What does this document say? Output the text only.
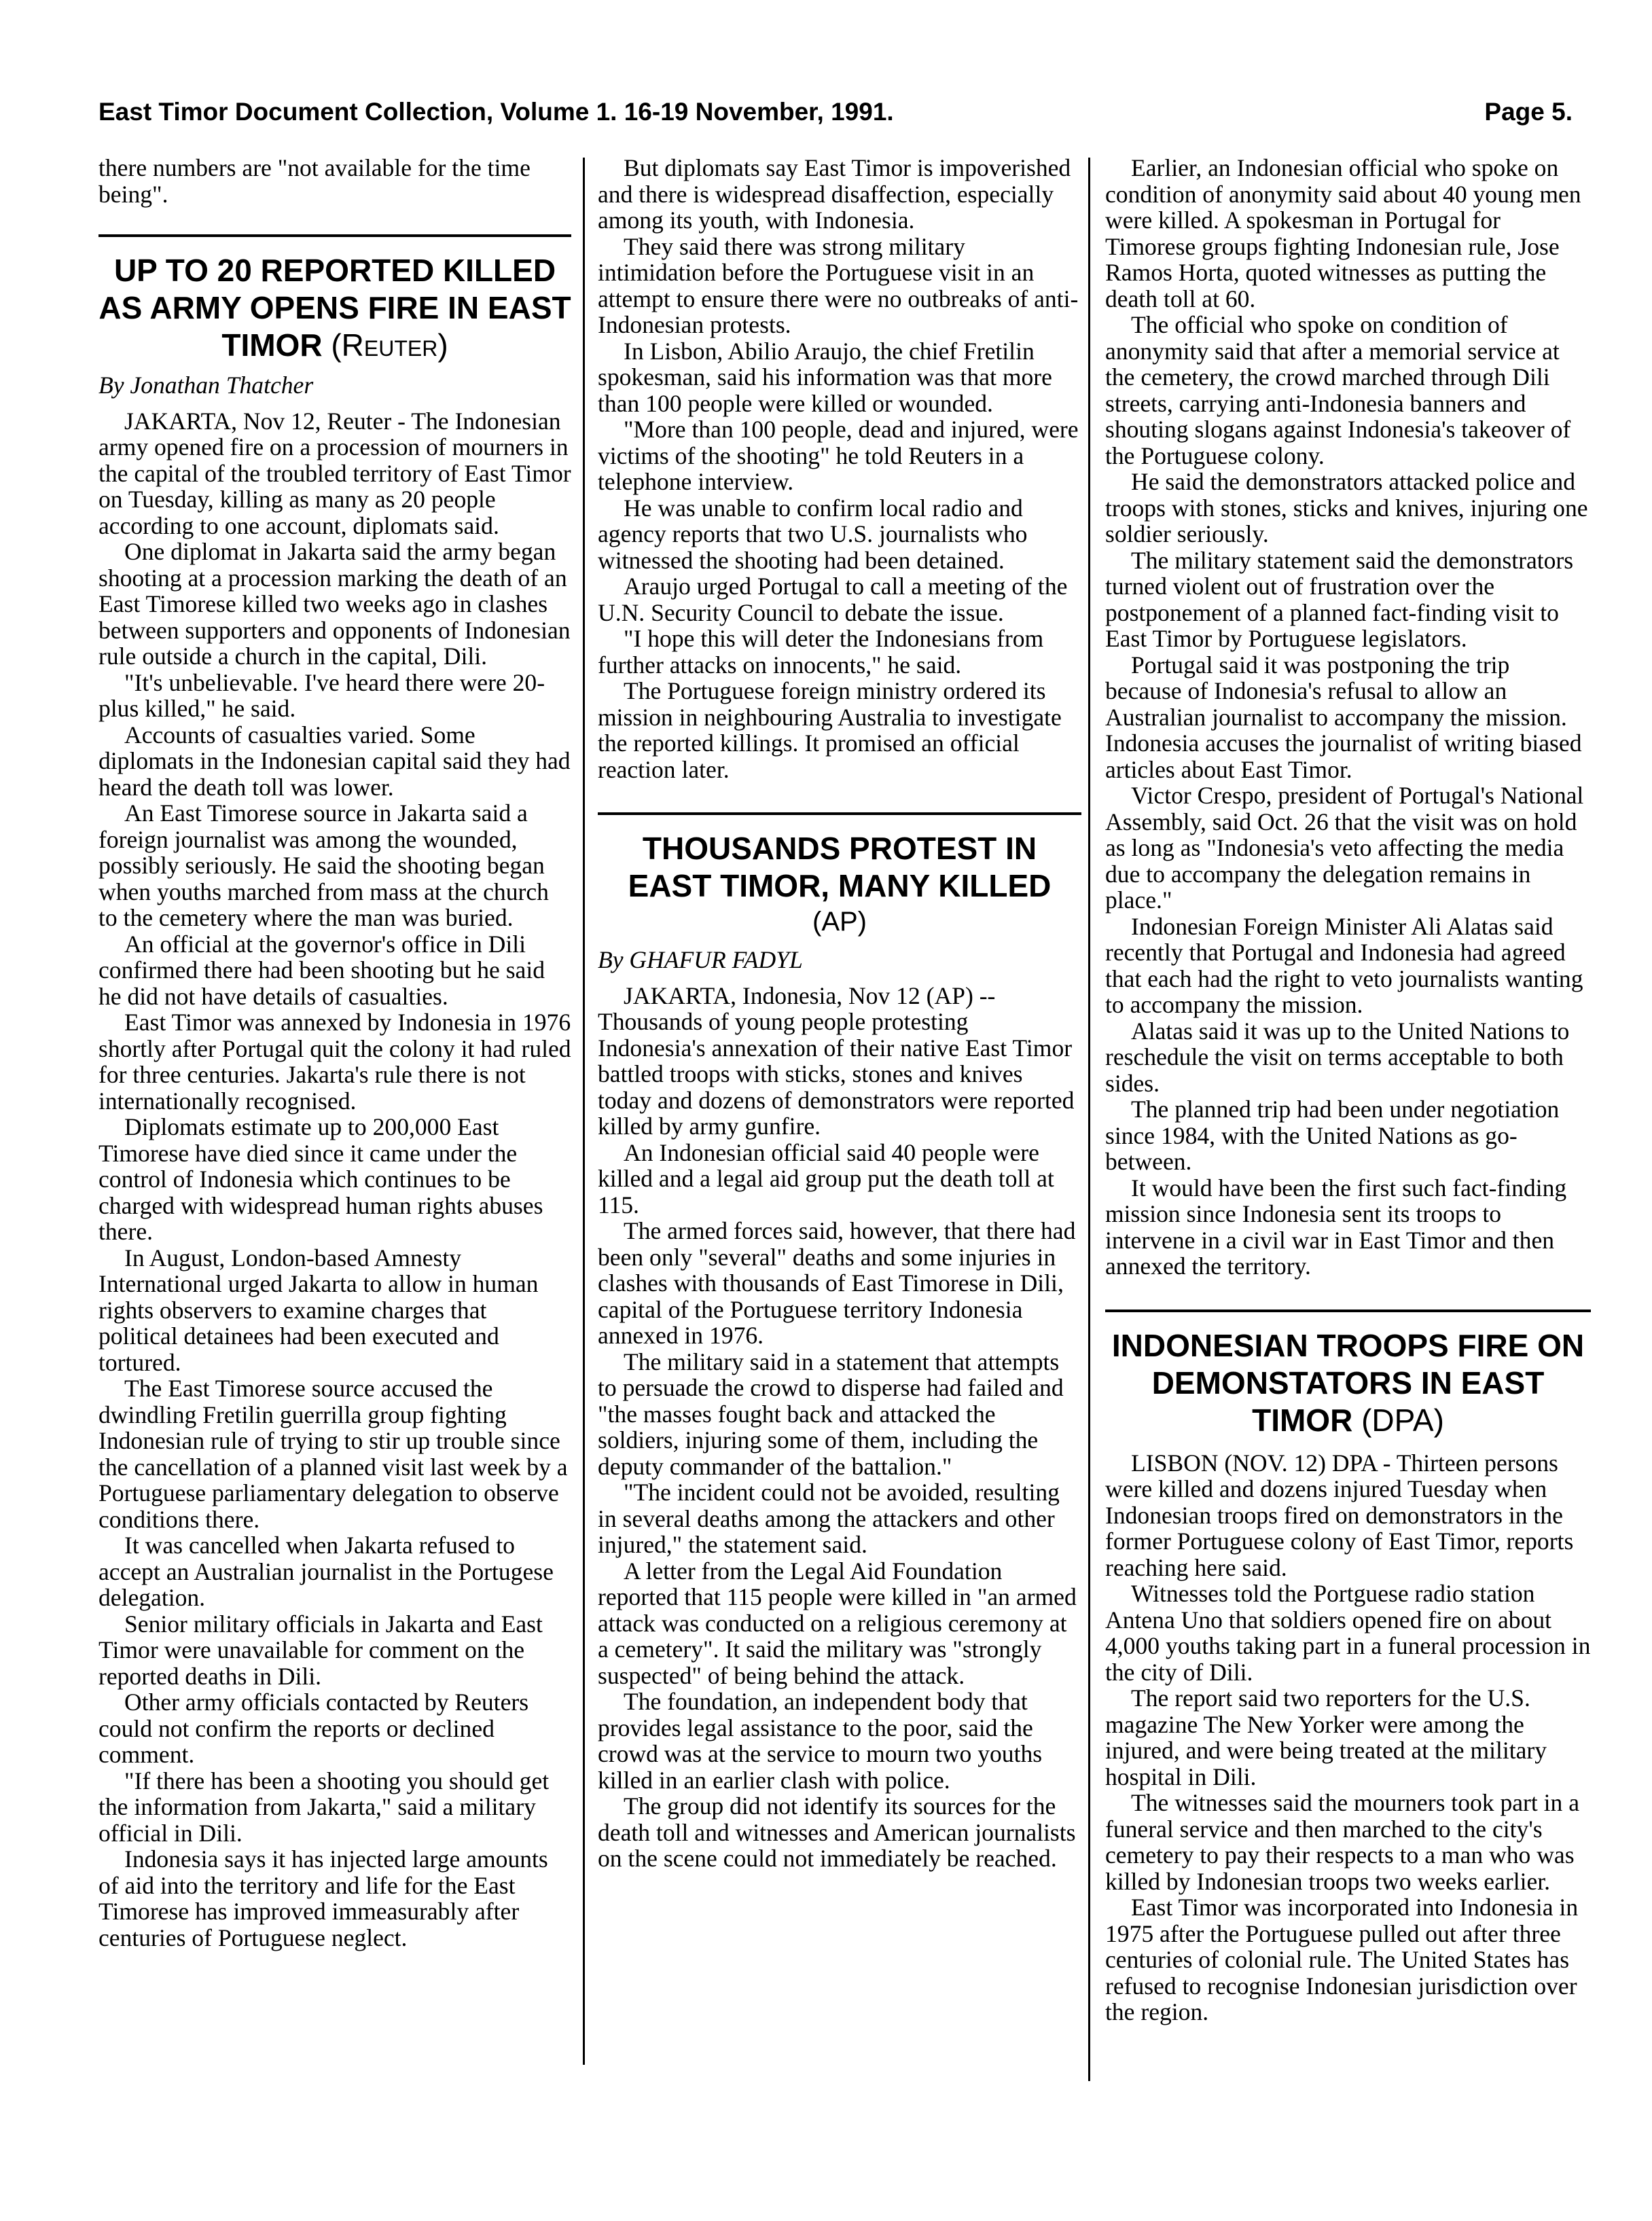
East Timor Document Collection, Volume 1. 16-19 November, 1991.	Page 5.

there numbers are "not available for the time being".

UP TO 20 REPORTED KILLED AS ARMY OPENS FIRE IN EAST TIMOR (Reuter)

By Jonathan Thatcher

JAKARTA, Nov 12, Reuter - The Indonesian army opened fire on a procession of mourners in the capital of the troubled territory of East Timor on Tuesday, killing as many as 20 people according to one account, diplomats said.

One diplomat in Jakarta said the army began shooting at a procession marking the death of an East Timorese killed two weeks ago in clashes between supporters and opponents of Indonesian rule outside a church in the capital, Dili.

"It's unbelievable. I've heard there were 20-plus killed," he said.

Accounts of casualties varied. Some diplomats in the Indonesian capital said they had heard the death toll was lower.

An East Timorese source in Jakarta said a foreign journalist was among the wounded, possibly seriously. He said the shooting began when youths marched from mass at the church to the cemetery where the man was buried.

An official at the governor's office in Dili confirmed there had been shooting but he said he did not have details of casualties.

East Timor was annexed by Indonesia in 1976 shortly after Portugal quit the colony it had ruled for three centuries. Jakarta's rule there is not internationally recognised.

Diplomats estimate up to 200,000 East Timorese have died since it came under the control of Indonesia which continues to be charged with widespread human rights abuses there.

In August, London-based Amnesty International urged Jakarta to allow in human rights observers to examine charges that political detainees had been executed and tortured.

The East Timorese source accused the dwindling Fretilin guerrilla group fighting Indonesian rule of trying to stir up trouble since the cancellation of a planned visit last week by a Portuguese parliamentary delegation to observe conditions there.

It was cancelled when Jakarta refused to accept an Australian journalist in the Portugese delegation.

Senior military officials in Jakarta and East Timor were unavailable for comment on the reported deaths in Dili.

Other army officials contacted by Reuters could not confirm the reports or declined comment.

"If there has been a shooting you should get the information from Jakarta," said a military official in Dili.

Indonesia says it has injected large amounts of aid into the territory and life for the East Timorese has improved immeasurably after centuries of Portuguese neglect.

But diplomats say East Timor is impoverished and there is widespread disaffection, especially among its youth, with Indonesia.

They said there was strong military intimidation before the Portuguese visit in an attempt to ensure there were no outbreaks of anti-Indonesian protests.

In Lisbon, Abilio Araujo, the chief Fretilin spokesman, said his information was that more than 100 people were killed or wounded.

"More than 100 people, dead and injured, were victims of the shooting" he told Reuters in a telephone interview.

He was unable to confirm local radio and agency reports that two U.S. journalists who witnessed the shooting had been detained.

Araujo urged Portugal to call a meeting of the U.N. Security Council to debate the issue.

"I hope this will deter the Indonesians from further attacks on innocents," he said.

The Portuguese foreign ministry ordered its mission in neighbouring Australia to investigate the reported killings. It promised an official reaction later.

THOUSANDS PROTEST IN EAST TIMOR, MANY KILLED
(AP)

By GHAFUR FADYL

JAKARTA, Indonesia, Nov 12 (AP) -- Thousands of young people protesting Indonesia's annexation of their native East Timor battled troops with sticks, stones and knives today and dozens of demonstrators were reported killed by army gunfire.

An Indonesian official said 40 people were killed and a legal aid group put the death toll at 115.

The armed forces said, however, that there had been only "several" deaths and some injuries in clashes with thousands of East Timorese in Dili, capital of the Portuguese territory Indonesia annexed in 1976.

The military said in a statement that attempts to persuade the crowd to disperse had failed and "the masses fought back and attacked the soldiers, injuring some of them, including the deputy commander of the battalion."

"The incident could not be avoided, resulting in several deaths among the attackers and other injured," the statement said.

A letter from the Legal Aid Foundation reported that 115 people were killed in "an armed attack was conducted on a religious ceremony at a cemetery". It said the military was "strongly suspected" of being behind the attack.

The foundation, an independent body that provides legal assistance to the poor, said the crowd was at the service to mourn two youths killed in an earlier clash with police.

The group did not identify its sources for the death toll and witnesses and American journalists on the scene could not immediately be reached.

Earlier, an Indonesian official who spoke on condition of anonymity said about 40 young men were killed. A spokesman in Portugal for Timorese groups fighting Indonesian rule, Jose Ramos Horta, quoted witnesses as putting the death toll at 60.

The official who spoke on condition of anonymity said that after a memorial service at the cemetery, the crowd marched through Dili streets, carrying anti-Indonesia banners and shouting slogans against Indonesia's takeover of the Portuguese colony.

He said the demonstrators attacked police and troops with stones, sticks and knives, injuring one soldier seriously.

The military statement said the demonstrators turned violent out of frustration over the postponement of a planned fact-finding visit to East Timor by Portuguese legislators.

Portugal said it was postponing the trip because of Indonesia's refusal to allow an Australian journalist to accompany the mission. Indonesia accuses the journalist of writing biased articles about East Timor.

Victor Crespo, president of Portugal's National Assembly, said Oct. 26 that the visit was on hold as long as "Indonesia's veto affecting the media due to accompany the delegation remains in place."

Indonesian Foreign Minister Ali Alatas said recently that Portugal and Indonesia had agreed that each had the right to veto journalists wanting to accompany the mission.

Alatas said it was up to the United Nations to reschedule the visit on terms acceptable to both sides.

The planned trip had been under negotiation since 1984, with the United Nations as go-between.

It would have been the first such fact-finding mission since Indonesia sent its troops to intervene in a civil war in East Timor and then annexed the territory.

INDONESIAN TROOPS FIRE ON DEMONSTATORS IN EAST TIMOR (DPA)

LISBON (NOV. 12) DPA - Thirteen persons were killed and dozens injured Tuesday when Indonesian troops fired on demonstrators in the former Portuguese colony of East Timor, reports reaching here said.

Witnesses told the Portguese radio station Antena Uno that soldiers opened fire on about 4,000 youths taking part in a funeral procession in the city of Dili.

The report said two reporters for the U.S. magazine The New Yorker were among the injured, and were being treated at the military hospital in Dili.

The witnesses said the mourners took part in a funeral service and then marched to the city's cemetery to pay their respects to a man who was killed by Indonesian troops two weeks earlier.

East Timor was incorporated into Indonesia in 1975 after the Portuguese pulled out after three centuries of colonial rule. The United States has refused to recognise Indonesian jurisdiction over the region.
